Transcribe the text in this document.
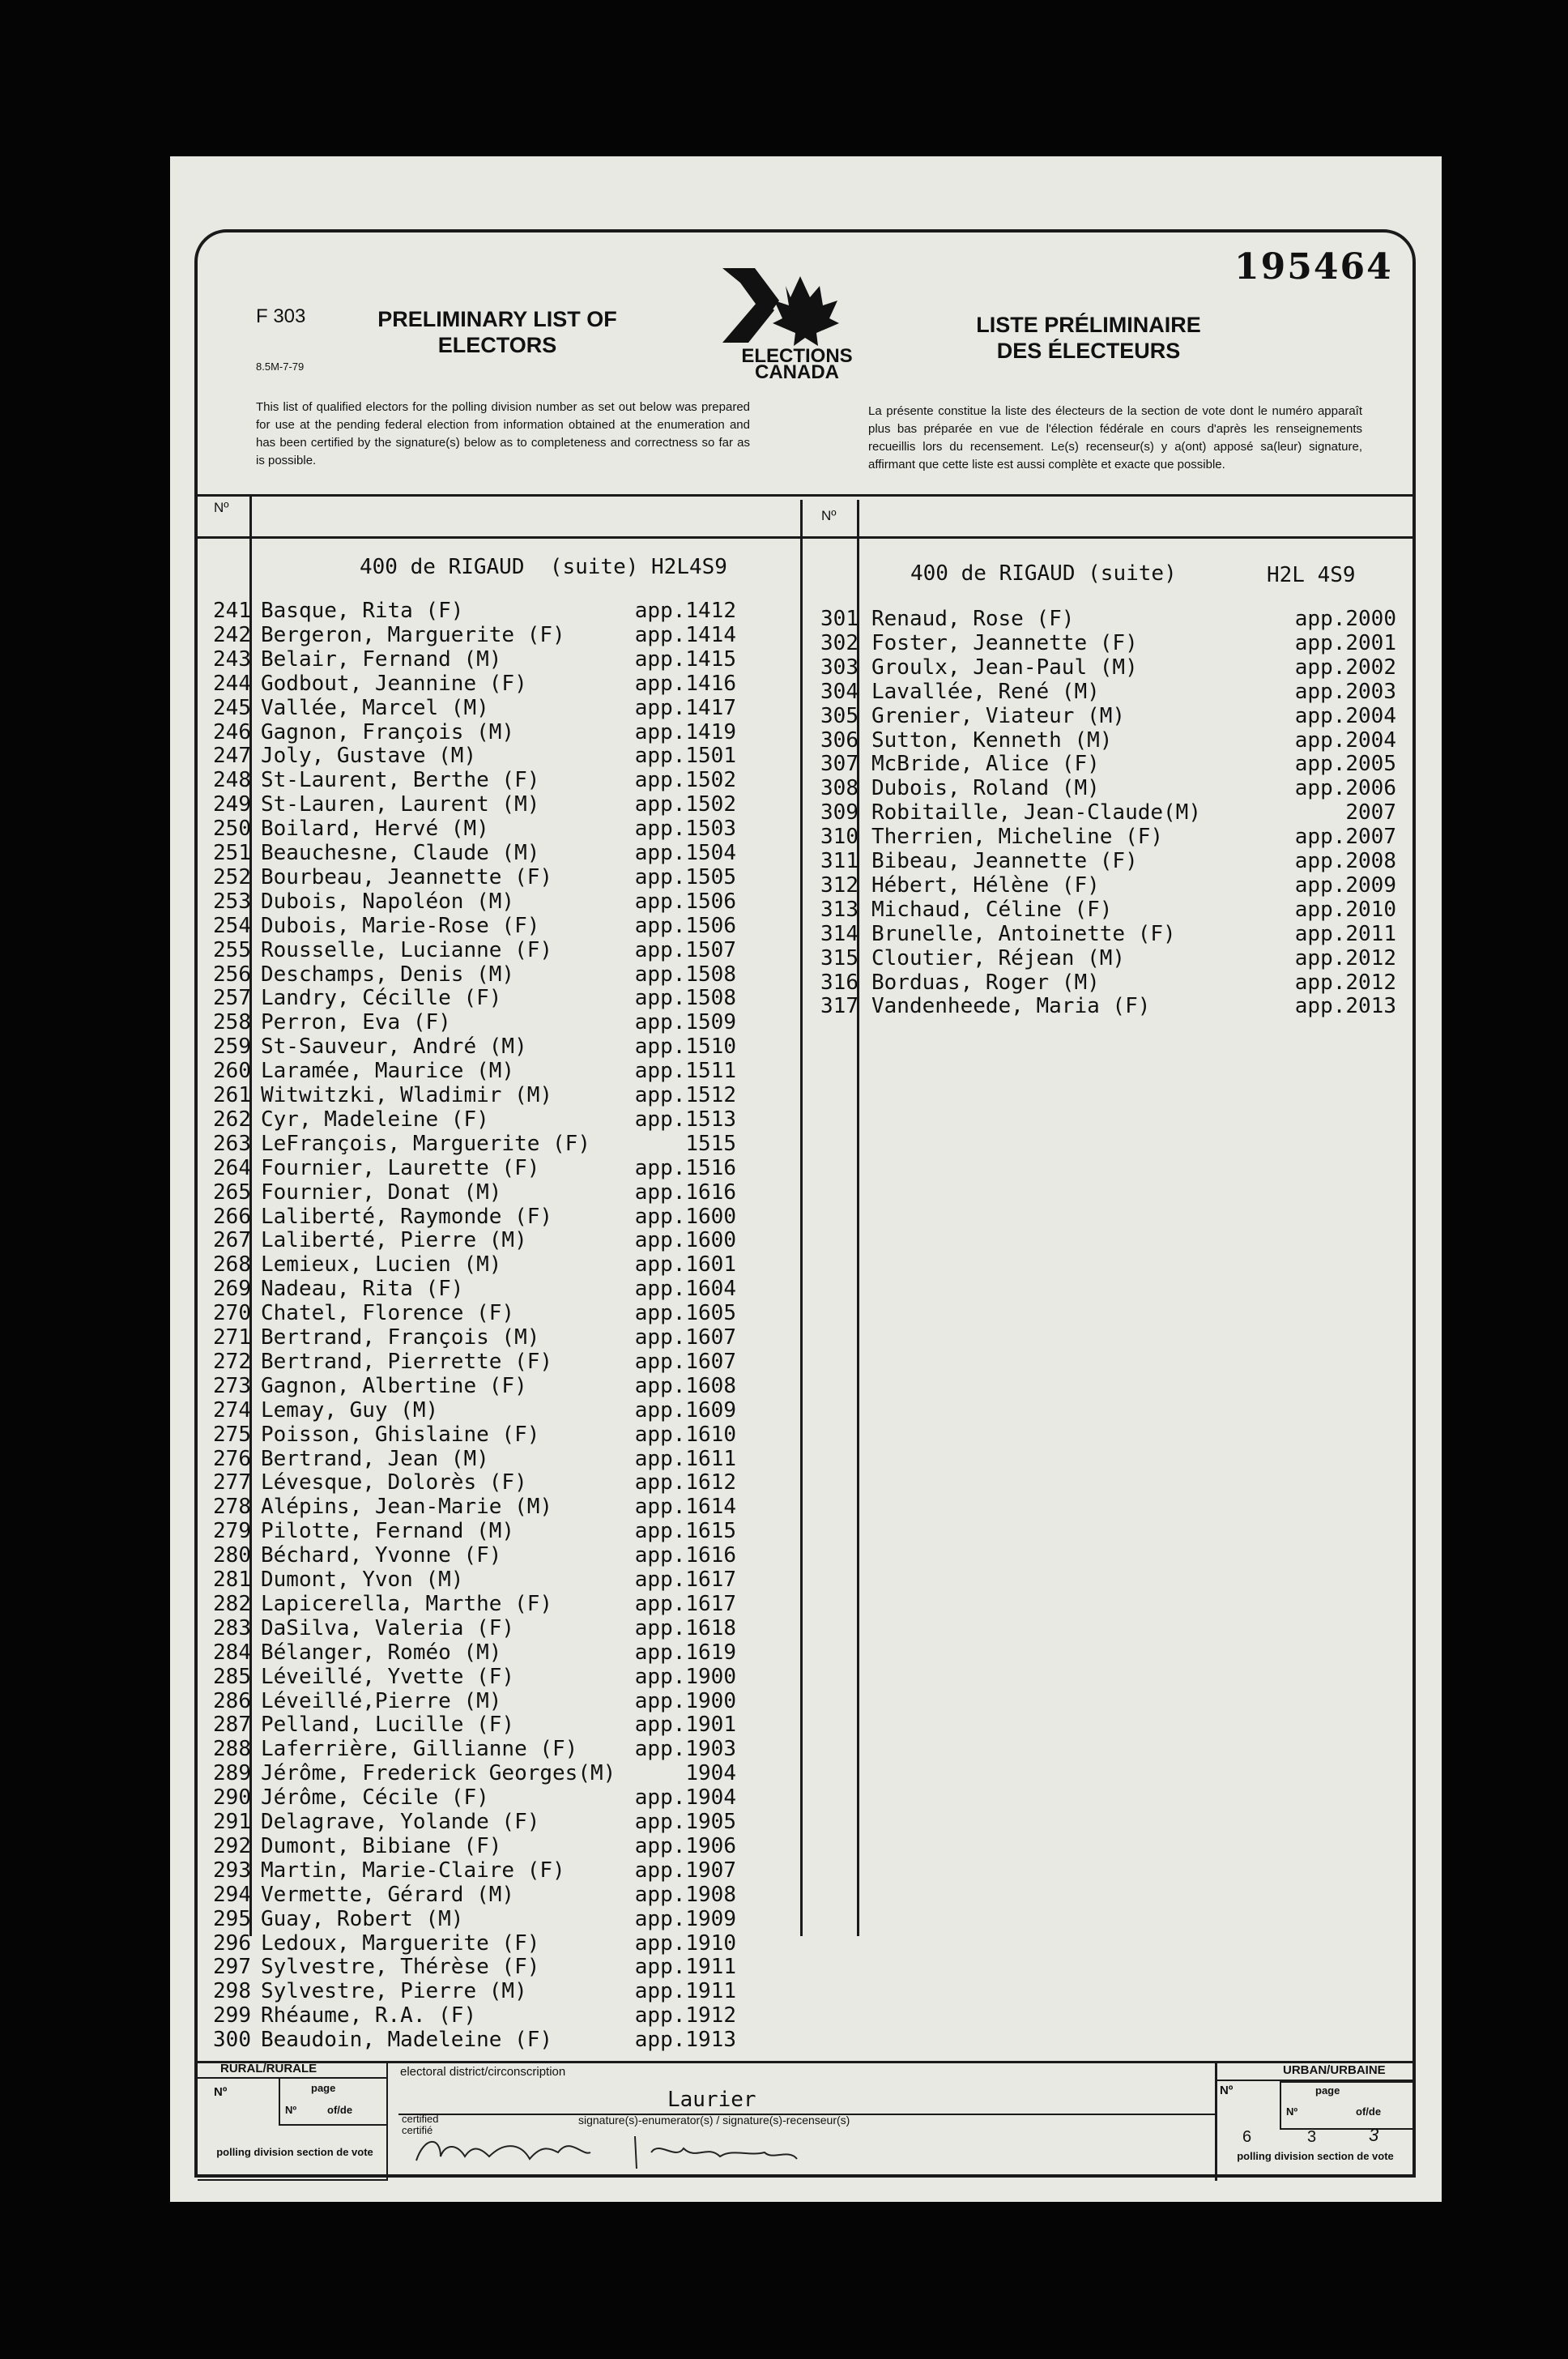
195464
F 303
8.5M-7-79
PRELIMINARY LIST OF ELECTORS
LISTE PRÉLIMINAIRE DES ÉLECTEURS
ELECTIONS
CANADA
This list of qualified electors for the polling division number as set out below was prepared for use at the pending federal election from information obtained at the enumeration and has been certified by the signature(s) below as to completeness and correctness so far as is possible.
La présente constitue la liste des électeurs de la section de vote dont le numéro apparaît plus bas préparée en vue de l'élection fédérale en cours d'après les renseignements recueillis lors du recensement. Le(s) recenseur(s) y a(ont) apposé sa(leur) signature, affirmant que cette liste est aussi complète et exacte que possible.
Nº
Nº
400 de RIGAUD  (suite) H2L4S9	400 de RIGAUD (suite)	H2L 4S9
241 Basque, Rita (F)	app.1412
242 Bergeron, Marguerite (F)	app.1414
243 Belair, Fernand (M)	app.1415
244 Godbout, Jeannine (F)	app.1416
245 Vallée, Marcel (M)	app.1417
246 Gagnon, François (M)	app.1419
247 Joly, Gustave (M)	app.1501
248 St-Laurent, Berthe (F)	app.1502
249 St-Lauren, Laurent (M)	app.1502
250 Boilard, Hervé (M)	app.1503
251 Beauchesne, Claude (M)	app.1504
252 Bourbeau, Jeannette (F)	app.1505
253 Dubois, Napoléon (M)	app.1506
254 Dubois, Marie-Rose (F)	app.1506
255 Rousselle, Lucianne (F)	app.1507
256 Deschamps, Denis (M)	app.1508
257 Landry, Cécille (F)	app.1508
258 Perron, Eva (F)	app.1509
259 St-Sauveur, André (M)	app.1510
260 Laramée, Maurice (M)	app.1511
261 Witwitzki, Wladimir (M)	app.1512
262 Cyr, Madeleine (F)	app.1513
263 LeFrançois, Marguerite (F)	1515
264 Fournier, Laurette (F)	app.1516
265 Fournier, Donat (M)	app.1616
266 Laliberté, Raymonde (F)	app.1600
267 Laliberté, Pierre (M)	app.1600
268 Lemieux, Lucien (M)	app.1601
269 Nadeau, Rita (F)	app.1604
270 Chatel, Florence (F)	app.1605
271 Bertrand, François (M)	app.1607
272 Bertrand, Pierrette (F)	app.1607
273 Gagnon, Albertine (F)	app.1608
274 Lemay, Guy (M)	app.1609
275 Poisson, Ghislaine (F)	app.1610
276 Bertrand, Jean (M)	app.1611
277 Lévesque, Dolorès (F)	app.1612
278 Alépins, Jean-Marie (M)	app.1614
279 Pilotte, Fernand (M)	app.1615
280 Béchard, Yvonne (F)	app.1616
281 Dumont, Yvon (M)	app.1617
282 Lapicerella, Marthe (F)	app.1617
283 DaSilva, Valeria (F)	app.1618
284 Bélanger, Roméo (M)	app.1619
285 Léveillé, Yvette (F)	app.1900
286 Léveillé,Pierre (M)	app.1900
287 Pelland, Lucille (F)	app.1901
288 Laferrière, Gillianne (F)	app.1903
289 Jérôme, Frederick Georges(M)	1904
290 Jérôme, Cécile (F)	app.1904
291 Delagrave, Yolande (F)	app.1905
292 Dumont, Bibiane (F)	app.1906
293 Martin, Marie-Claire (F)	app.1907
294 Vermette, Gérard (M)	app.1908
295 Guay, Robert (M)	app.1909
296 Ledoux, Marguerite (F)	app.1910
297 Sylvestre, Thérèse (F)	app.1911
298 Sylvestre, Pierre (M)	app.1911
299 Rhéaume, R.A. (F)	app.1912
300 Beaudoin, Madeleine (F)	app.1913
301 Renaud, Rose (F)	app.2000
302 Foster, Jeannette (F)	app.2001
303 Groulx, Jean-Paul (M)	app.2002
304 Lavallée, René (M)	app.2003
305 Grenier, Viateur (M)	app.2004
306 Sutton, Kenneth (M)	app.2004
307 McBride, Alice (F)	app.2005
308 Dubois, Roland (M)	app.2006
309 Robitaille, Jean-Claude(M)	2007
310 Therrien, Micheline (F)	app.2007
311 Bibeau, Jeannette (F)	app.2008
312 Hébert, Hélène (F)	app.2009
313 Michaud, Céline (F)	app.2010
314 Brunelle, Antoinette (F)	app.2011
315 Cloutier, Réjean (M)	app.2012
316 Borduas, Roger (M)	app.2012
317 Vandenheede, Maria (F)	app.2013
RURAL/RURALE
Nº	page
Nº	of/de
polling division section de vote
electoral district/circonscription
Laurier
certified certifié
signature(s)-enumerator(s) / signature(s)-recenseur(s)
URBAN/URBAINE
Nº	page
Nº	of/de
6	3	3
polling division section de vote
